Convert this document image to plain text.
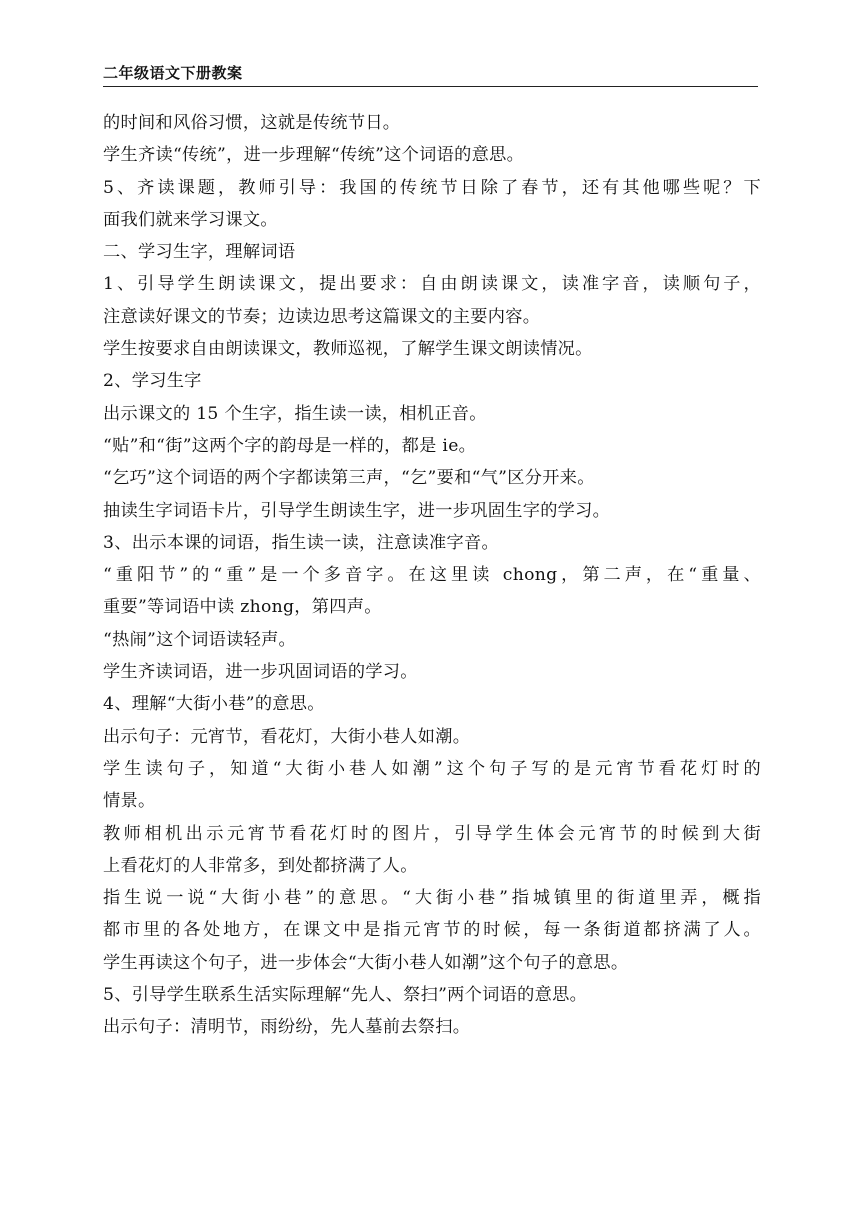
二年级语文下册教案
的时间和风俗习惯，这就是传统节日。
学生齐读“传统”，进一步理解“传统”这个词语的意思。
5、齐读课题，教师引导：我国的传统节日除了春节，还有其他哪些呢？下
面我们就来学习课文。
二、学习生字，理解词语
1、引导学生朗读课文，提出要求：自由朗读课文，读准字音，读顺句子，
注意读好课文的节奏；边读边思考这篇课文的主要内容。
学生按要求自由朗读课文，教师巡视，了解学生课文朗读情况。
2、学习生字
出示课文的 15 个生字，指生读一读，相机正音。
“贴”和“街”这两个字的韵母是一样的，都是 ie。
“乞巧”这个词语的两个字都读第三声，“乞”要和“气”区分开来。
抽读生字词语卡片，引导学生朗读生字，进一步巩固生字的学习。
3、出示本课的词语，指生读一读，注意读准字音。
“重阳节”的“重”是一个多音字。在这里读 chong，第二声，在“重量、
重要”等词语中读 zhong，第四声。
“热闹”这个词语读轻声。
学生齐读词语，进一步巩固词语的学习。
4、理解“大街小巷”的意思。
出示句子：元宵节，看花灯，大街小巷人如潮。
学生读句子，知道“大街小巷人如潮”这个句子写的是元宵节看花灯时的
情景。
教师相机出示元宵节看花灯时的图片，引导学生体会元宵节的时候到大街
上看花灯的人非常多，到处都挤满了人。
指生说一说“大街小巷”的意思。“大街小巷”指城镇里的街道里弄，概指
都市里的各处地方，在课文中是指元宵节的时候，每一条街道都挤满了人。
学生再读这个句子，进一步体会“大街小巷人如潮”这个句子的意思。
5、引导学生联系生活实际理解“先人、祭扫”两个词语的意思。
出示句子：清明节，雨纷纷，先人墓前去祭扫。
